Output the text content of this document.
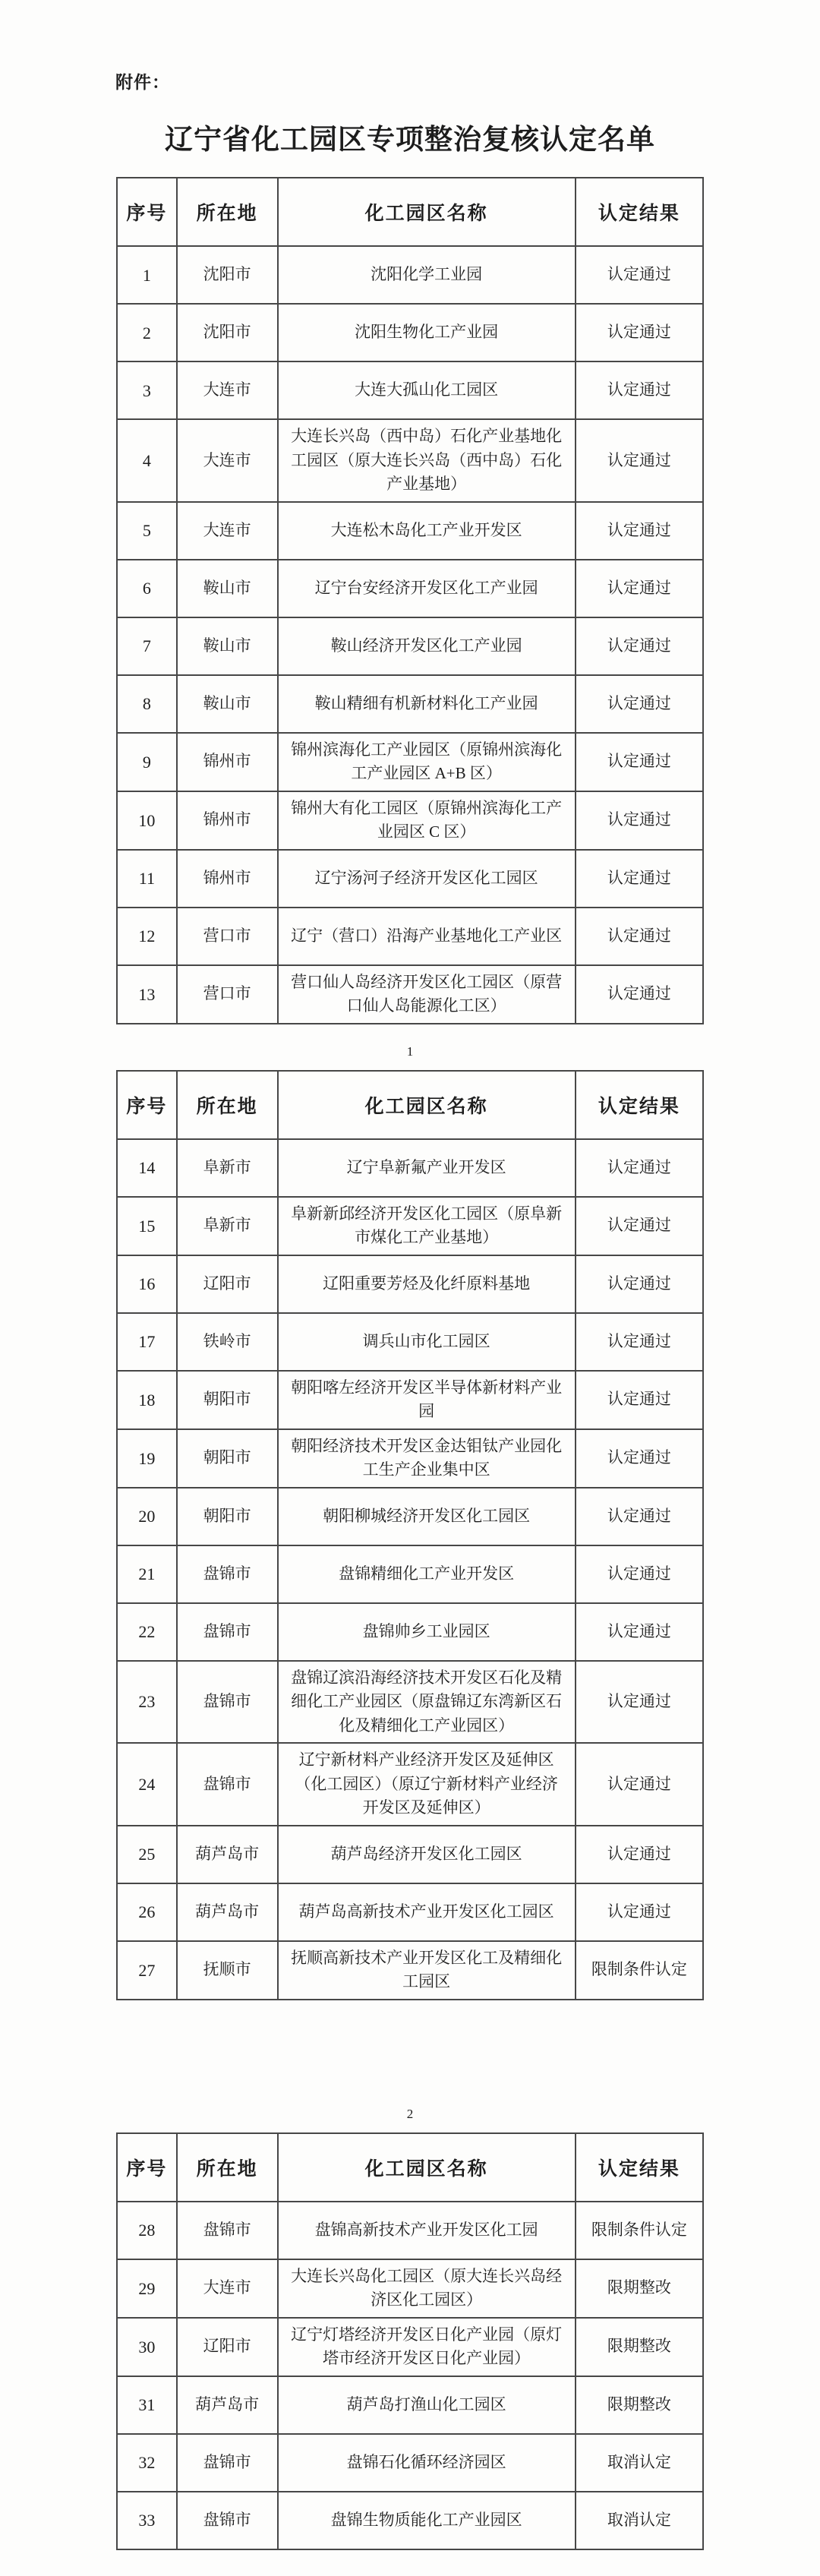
附件：
辽宁省化工园区专项整治复核认定名单
序号	所在地	化工园区名称	认定结果
1	沈阳市	沈阳化学工业园	认定通过
2	沈阳市	沈阳生物化工产业园	认定通过
3	大连市	大连大孤山化工园区	认定通过
4	大连市	大连长兴岛（西中岛）石化产业基地化工园区（原大连长兴岛（西中岛）石化产业基地）	认定通过
5	大连市	大连松木岛化工产业开发区	认定通过
6	鞍山市	辽宁台安经济开发区化工产业园	认定通过
7	鞍山市	鞍山经济开发区化工产业园	认定通过
8	鞍山市	鞍山精细有机新材料化工产业园	认定通过
9	锦州市	锦州滨海化工产业园区（原锦州滨海化工产业园区 A+B 区）	认定通过
10	锦州市	锦州大有化工园区（原锦州滨海化工产业园区 C 区）	认定通过
11	锦州市	辽宁汤河子经济开发区化工园区	认定通过
12	营口市	辽宁（营口）沿海产业基地化工产业区	认定通过
13	营口市	营口仙人岛经济开发区化工园区（原营口仙人岛能源化工区）	认定通过
1
序号	所在地	化工园区名称	认定结果
14	阜新市	辽宁阜新氟产业开发区	认定通过
15	阜新市	阜新新邱经济开发区化工园区（原阜新市煤化工产业基地）	认定通过
16	辽阳市	辽阳重要芳烃及化纤原料基地	认定通过
17	铁岭市	调兵山市化工园区	认定通过
18	朝阳市	朝阳喀左经济开发区半导体新材料产业园	认定通过
19	朝阳市	朝阳经济技术开发区金达钼钛产业园化工生产企业集中区	认定通过
20	朝阳市	朝阳柳城经济开发区化工园区	认定通过
21	盘锦市	盘锦精细化工产业开发区	认定通过
22	盘锦市	盘锦帅乡工业园区	认定通过
23	盘锦市	盘锦辽滨沿海经济技术开发区石化及精细化工产业园区（原盘锦辽东湾新区石化及精细化工产业园区）	认定通过
24	盘锦市	辽宁新材料产业经济开发区及延伸区（化工园区）（原辽宁新材料产业经济开发区及延伸区）	认定通过
25	葫芦岛市	葫芦岛经济开发区化工园区	认定通过
26	葫芦岛市	葫芦岛高新技术产业开发区化工园区	认定通过
27	抚顺市	抚顺高新技术产业开发区化工及精细化工园区	限制条件认定
2
序号	所在地	化工园区名称	认定结果
28	盘锦市	盘锦高新技术产业开发区化工园	限制条件认定
29	大连市	大连长兴岛化工园区（原大连长兴岛经济区化工园区）	限期整改
30	辽阳市	辽宁灯塔经济开发区日化产业园（原灯塔市经济开发区日化产业园）	限期整改
31	葫芦岛市	葫芦岛打渔山化工园区	限期整改
32	盘锦市	盘锦石化循环经济园区	取消认定
33	盘锦市	盘锦生物质能化工产业园区	取消认定
